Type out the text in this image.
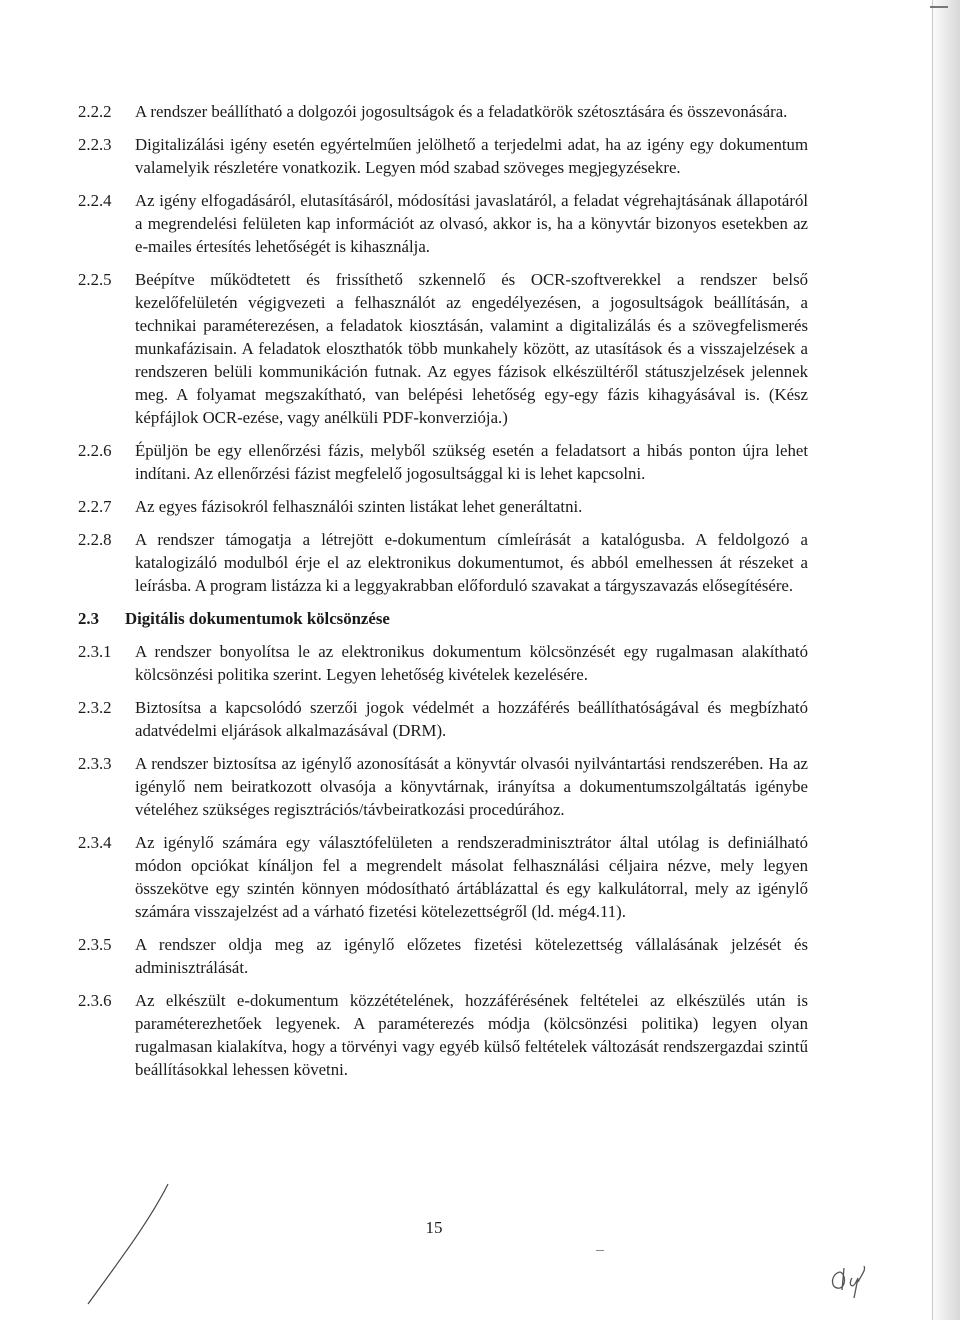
2.2.2	A rendszer beállítható a dolgozói jogosultságok és a feladatkörök szétosztására és összevonására.
2.2.3	Digitalizálási igény esetén egyértelműen jelölhető a terjedelmi adat, ha az igény egy dokumentum valamelyik részletére vonatkozik. Legyen mód szabad szöveges megjegyzésekre.
2.2.4	Az igény elfogadásáról, elutasításáról, módosítási javaslatáról, a feladat végrehajtásának állapotáról a megrendelési felületen kap információt az olvasó, akkor is, ha a könyvtár bizonyos esetekben az e-mailes értesítés lehetőségét is kihasználja.
2.2.5	Beépítve működtetett és frissíthető szkennelő és OCR-szoftverekkel a rendszer belső kezelőfelületén végigvezeti a felhasználót az engedélyezésen, a jogosultságok beállításán, a technikai paraméterezésen, a feladatok kiosztásán, valamint a digitalizálás és a szövegfelismerés munkafázisain. A feladatok eloszthatók több munkahely között, az utasítások és a visszajelzések a rendszeren belüli kommunikáción futnak. Az egyes fázisok elkészültéről státuszjelzések jelennek meg. A folyamat megszakítható, van belépési lehetőség egy-egy fázis kihagyásával is. (Kész képfájlok OCR-ezése, vagy anélküli PDF-konverziója.)
2.2.6	Épüljön be egy ellenőrzési fázis, melyből szükség esetén a feladatsort a hibás ponton újra lehet indítani. Az ellenőrzési fázist megfelelő jogosultsággal ki is lehet kapcsolni.
2.2.7	Az egyes fázisokról felhasználói szinten listákat lehet generáltatni.
2.2.8	A rendszer támogatja a létrejött e-dokumentum címleírását a katalógusba. A feldolgozó a katalogizáló modulból érje el az elektronikus dokumentumot, és abból emelhessen át részeket a leírásba. A program listázza ki a leggyakrabban előforduló szavakat a tárgyszavazás elősegítésére.
2.3	Digitális dokumentumok kölcsönzése
2.3.1	A rendszer bonyolítsa le az elektronikus dokumentum kölcsönzését egy rugalmasan alakítható kölcsönzési politika szerint. Legyen lehetőség kivételek kezelésére.
2.3.2	Biztosítsa a kapcsolódó szerzői jogok védelmét a hozzáférés beállíthatóságával és megbízható adatvédelmi eljárások alkalmazásával (DRM).
2.3.3	A rendszer biztosítsa az igénylő azonosítását a könyvtár olvasói nyilvántartási rendszerében. Ha az igénylő nem beiratkozott olvasója a könyvtárnak, irányítsa a dokumentumszolgáltatás igénybe vételéhez szükséges regisztrációs/távbeiratkozási procedúrához.
2.3.4	Az igénylő számára egy választófelületen a rendszeradminisztrátor által utólag is definiálható módon opciókat kínáljon fel a megrendelt másolat felhasználási céljaira nézve, mely legyen összekötve egy szintén könnyen módosítható ártáblázattal és egy kalkulátorral, mely az igénylő számára visszajelzést ad a várható fizetési kötelezettségről (ld. még4.11).
2.3.5	A rendszer oldja meg az igénylő előzetes fizetési kötelezettség vállalásának jelzését és adminisztrálását.
2.3.6	Az elkészült e-dokumentum közzétételének, hozzáférésének feltételei az elkészülés után is paraméterezhetőek legyenek. A paraméterezés módja (kölcsönzési politika) legyen olyan rugalmasan kialakítva, hogy a törvényi vagy egyéb külső feltételek változását rendszergazdai szintű beállításokkal lehessen követni.
15
